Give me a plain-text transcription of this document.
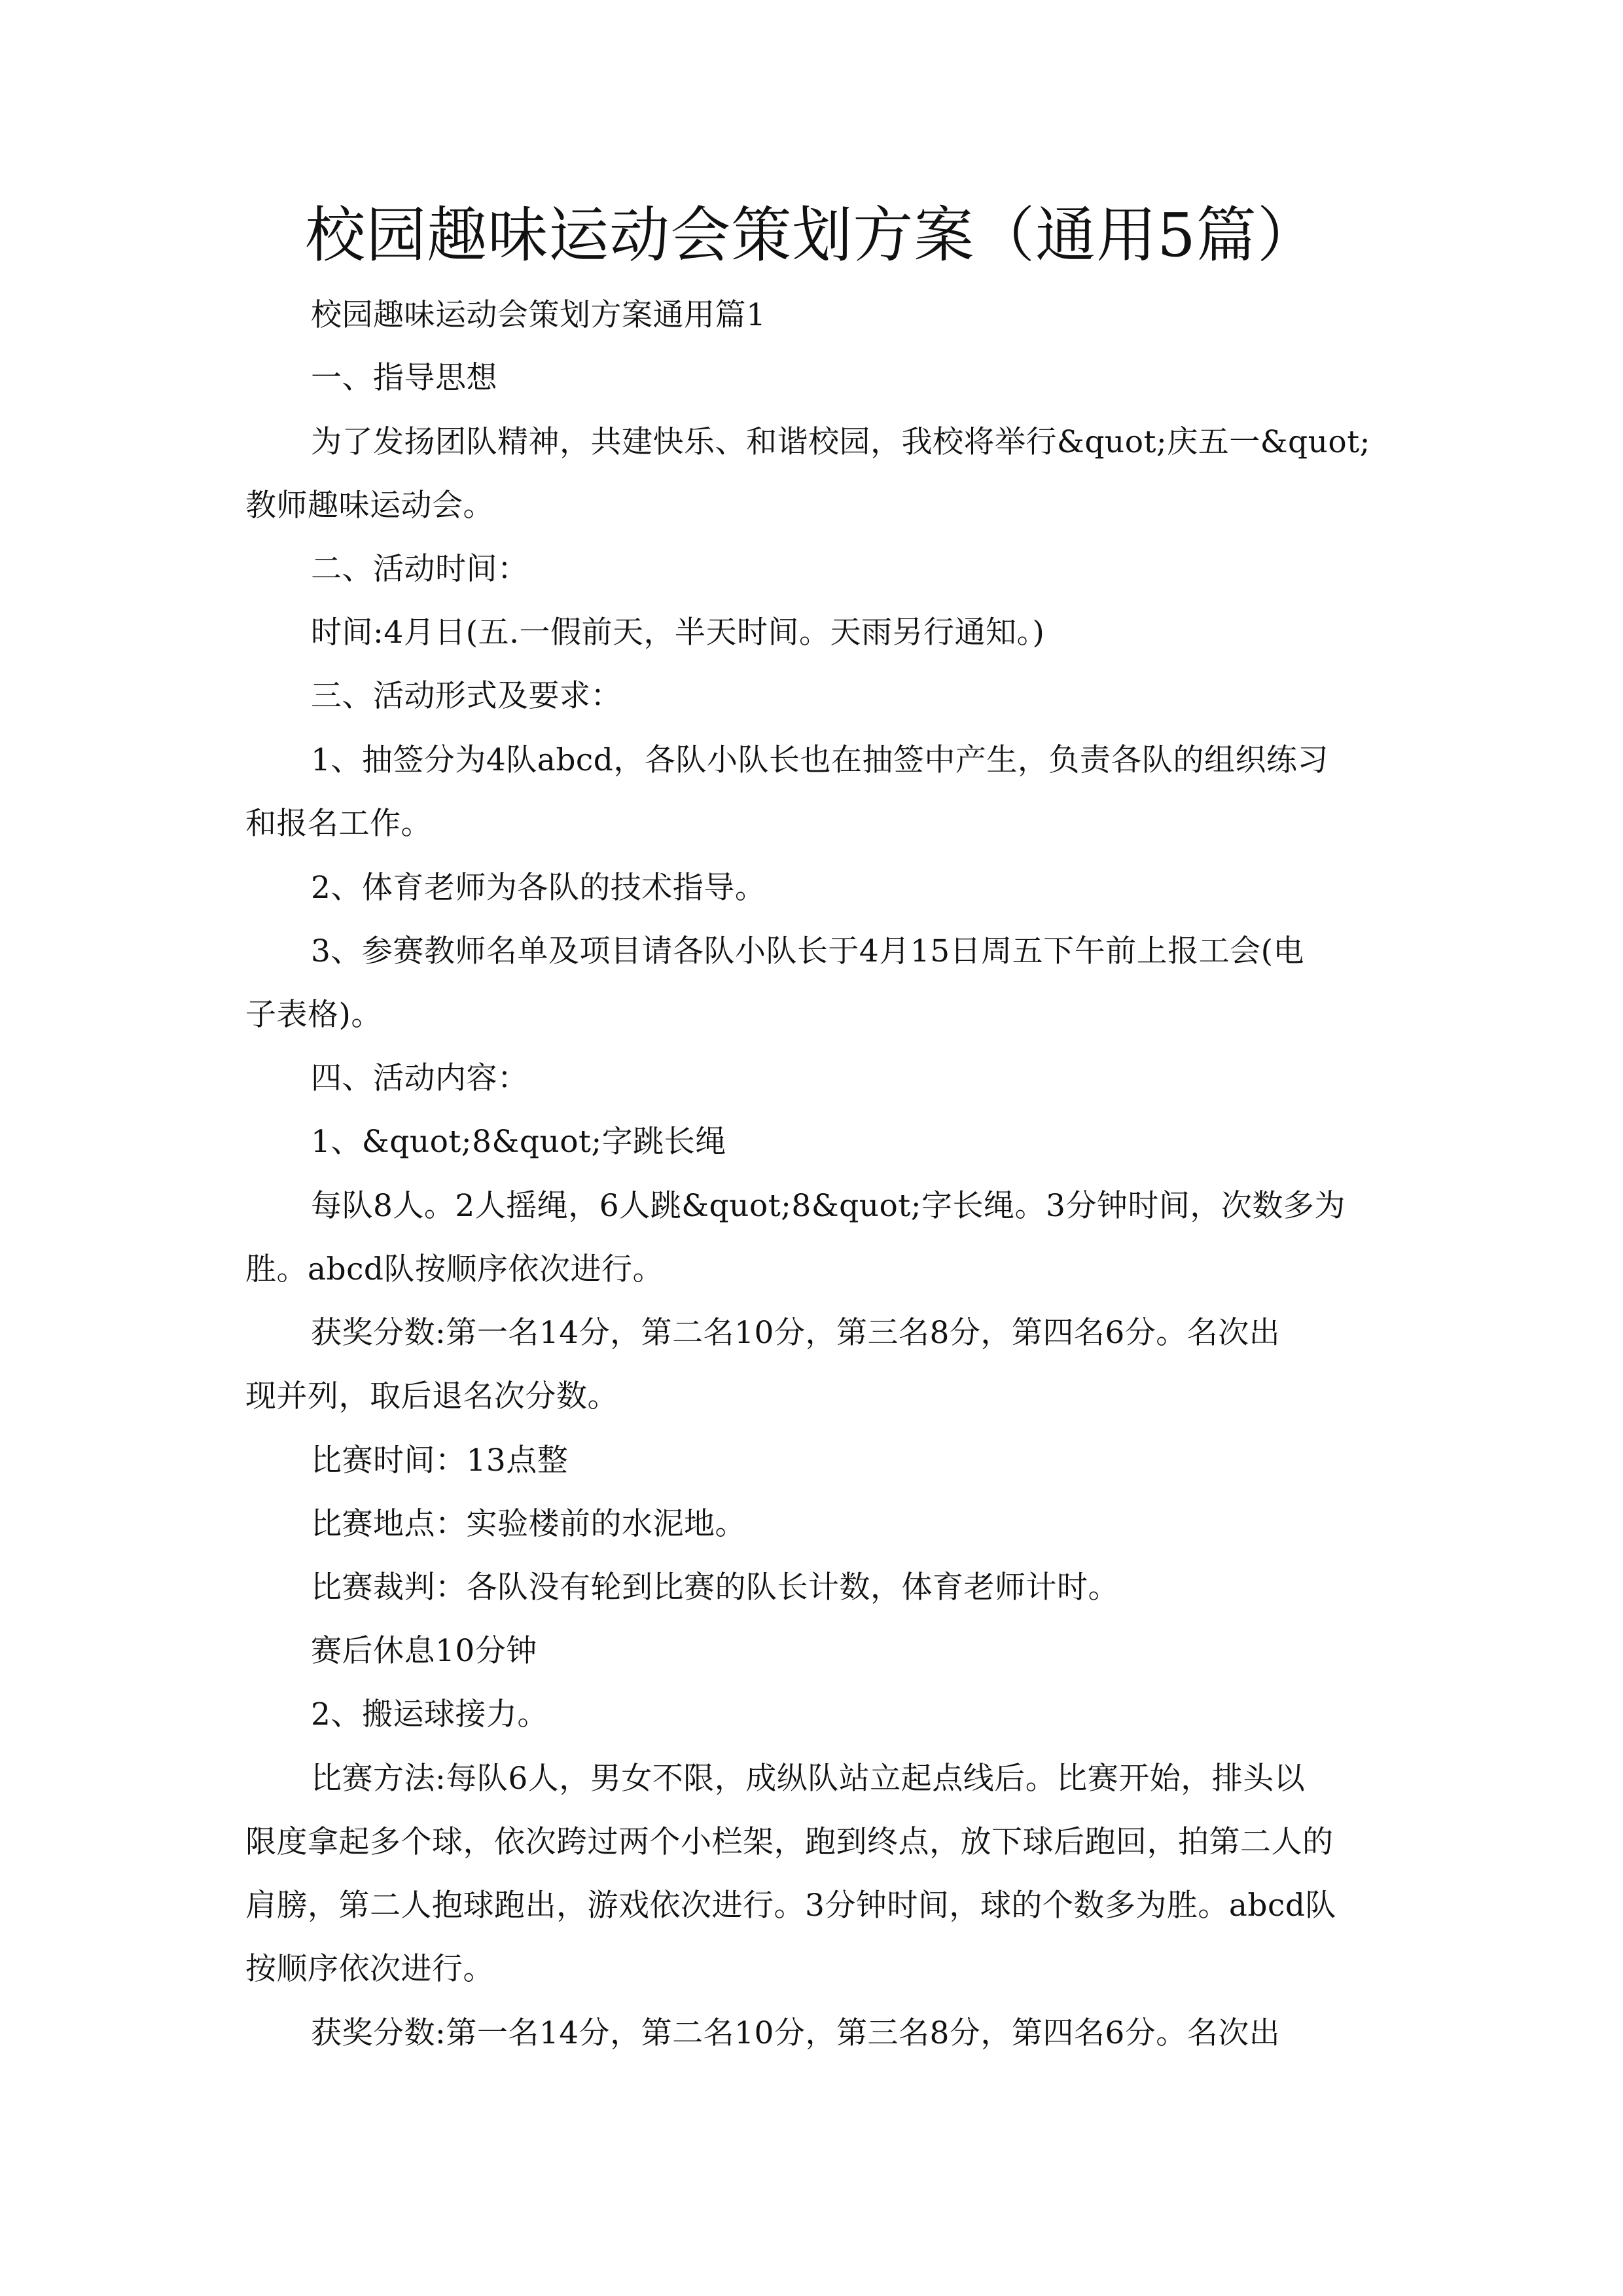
校园趣味运动会策划方案（通用5篇）
校园趣味运动会策划方案通用篇1
一、指导思想
为了发扬团队精神，共建快乐、和谐校园，我校将举行&quot;庆五一&quot;
教师趣味运动会。
二、活动时间：
时间:4月日(五.一假前天，半天时间。天雨另行通知。)
三、活动形式及要求：
1、抽签分为4队abcd，各队小队长也在抽签中产生，负责各队的组织练习
和报名工作。
2、体育老师为各队的技术指导。
3、参赛教师名单及项目请各队小队长于4月15日周五下午前上报工会(电
子表格)。
四、活动内容：
1、&quot;8&quot;字跳长绳
每队8人。2人摇绳，6人跳&quot;8&quot;字长绳。3分钟时间，次数多为
胜。abcd队按顺序依次进行。
获奖分数:第一名14分，第二名10分，第三名8分，第四名6分。名次出
现并列，取后退名次分数。
比赛时间：13点整
比赛地点：实验楼前的水泥地。
比赛裁判：各队没有轮到比赛的队长计数，体育老师计时。
赛后休息10分钟
2、搬运球接力。
比赛方法:每队6人，男女不限，成纵队站立起点线后。比赛开始，排头以
限度拿起多个球，依次跨过两个小栏架，跑到终点，放下球后跑回，拍第二人的
肩膀，第二人抱球跑出，游戏依次进行。3分钟时间，球的个数多为胜。abcd队
按顺序依次进行。
获奖分数:第一名14分，第二名10分，第三名8分，第四名6分。名次出
